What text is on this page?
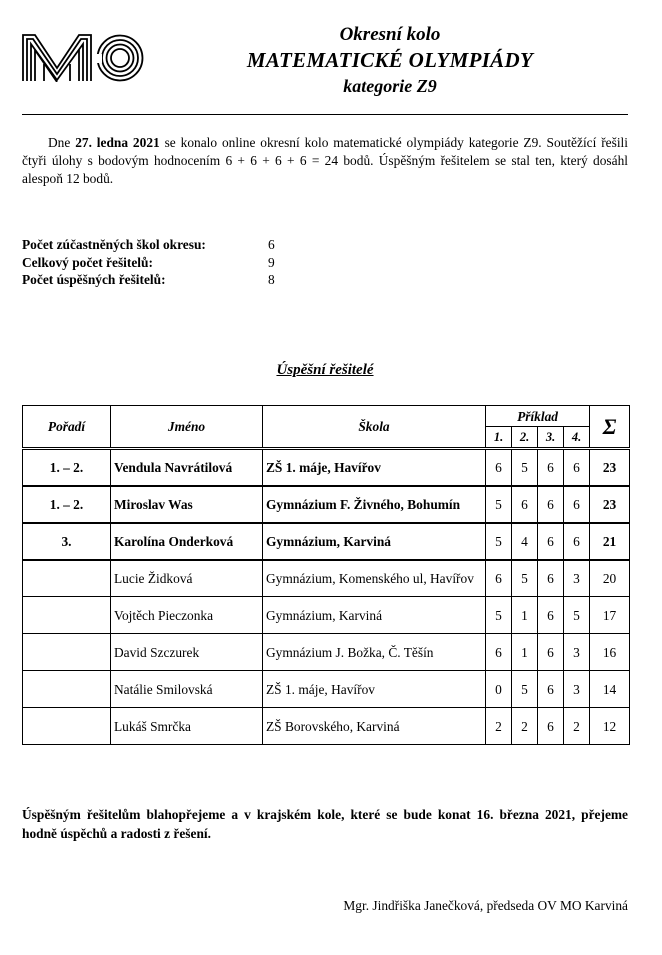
Okresní kolo
MATEMATICKÉ OLYMPIÁDY
kategorie Z9

Dne 27. ledna 2021 se konalo online okresní kolo matematické olympiády kategorie Z9. Soutěžící řešili čtyři úlohy s bodovým hodnocením 6 + 6 + 6 + 6 = 24 bodů. Úspěšným řešitelem se stal ten, který dosáhl alespoň 12 bodů.

Počet zúčastněných škol okresu:	6
Celkový počet řešitelů:	9
Počet úspěšných řešitelů:	8
Úspěšní řešitelé
Pořadí	Jméno	Škola	Příklad				Σ
			1.	2.	3.	4.	
1. – 2.	Vendula Navrátilová	ZŠ 1. máje, Havířov	6	5	6	6	23
1. – 2.	Miroslav Was	Gymnázium F. Živného, Bohumín	5	6	6	6	23
3.	Karolína Onderková	Gymnázium, Karviná	5	4	6	6	21
	Lucie Židková	Gymnázium, Komenského ul, Havířov	6	5	6	3	20
	Vojtěch Pieczonka	Gymnázium, Karviná	5	1	6	5	17
	David Szczurek	Gymnázium J. Božka, Č. Těšín	6	1	6	3	16
	Natálie Smilovská	ZŠ 1. máje, Havířov	0	5	6	3	14
	Lukáš Smrčka	ZŠ Borovského, Karviná	2	2	6	2	12

Úspěšným řešitelům blahopřejeme a v krajském kole, které se bude konat 16. března 2021, přejeme hodně úspěchů a radosti z řešení.

Mgr. Jindřiška Janečková, předseda OV MO Karviná
